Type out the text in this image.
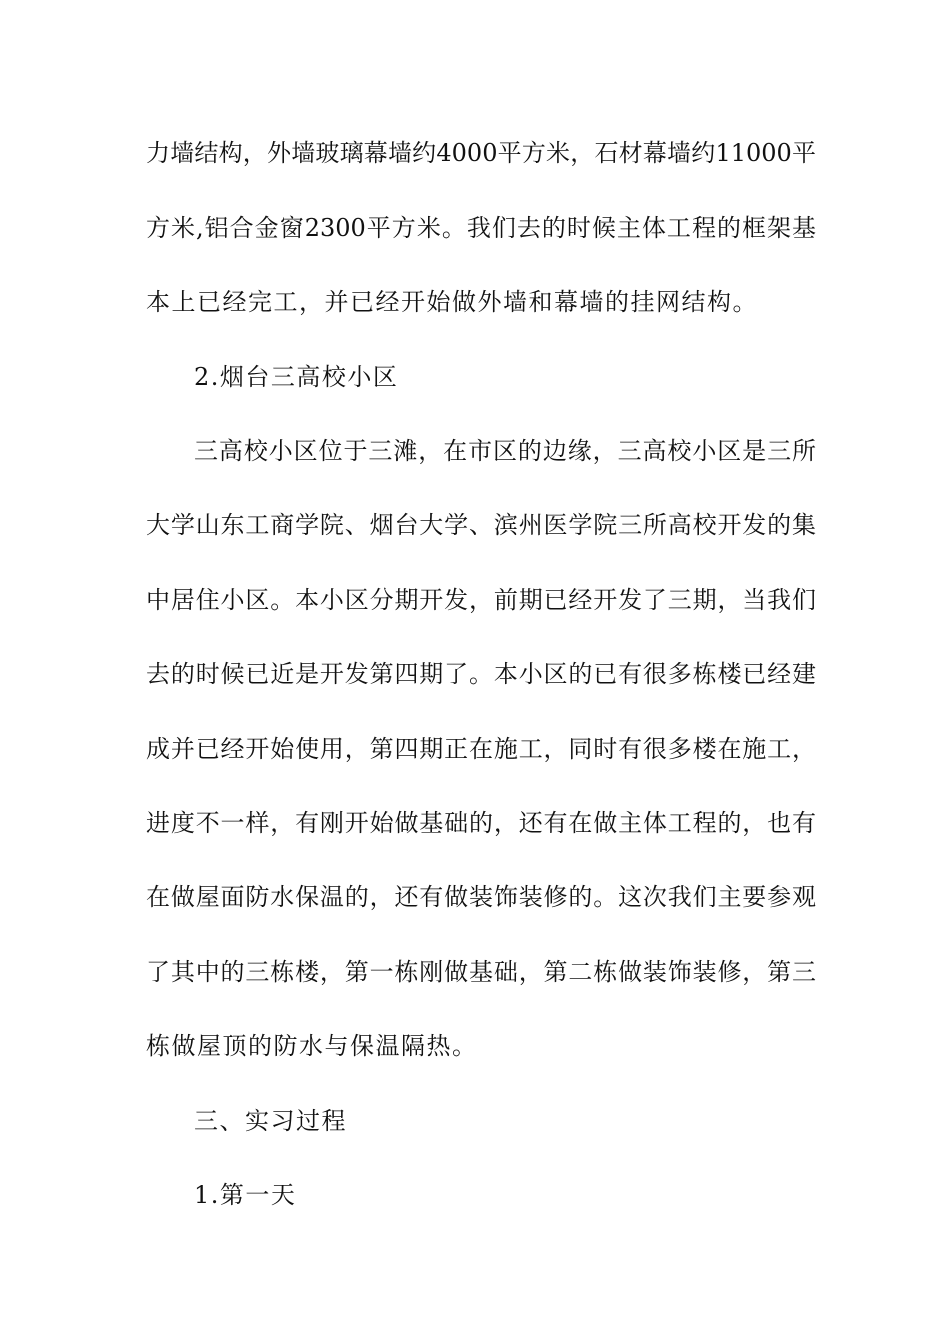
力墙结构，外墙玻璃幕墙约4000平方米，石材幕墙约11000平
方米,铝合金窗2300平方米。我们去的时候主体工程的框架基
本上已经完工，并已经开始做外墙和幕墙的挂网结构。
2.烟台三高校小区
三高校小区位于三滩，在市区的边缘，三高校小区是三所
大学山东工商学院、烟台大学、滨州医学院三所高校开发的集
中居住小区。本小区分期开发，前期已经开发了三期，当我们
去的时候已近是开发第四期了。本小区的已有很多栋楼已经建
成并已经开始使用，第四期正在施工，同时有很多楼在施工，
进度不一样，有刚开始做基础的，还有在做主体工程的，也有
在做屋面防水保温的，还有做装饰装修的。这次我们主要参观
了其中的三栋楼，第一栋刚做基础，第二栋做装饰装修，第三
栋做屋顶的防水与保温隔热。
三、实习过程
1.第一天
